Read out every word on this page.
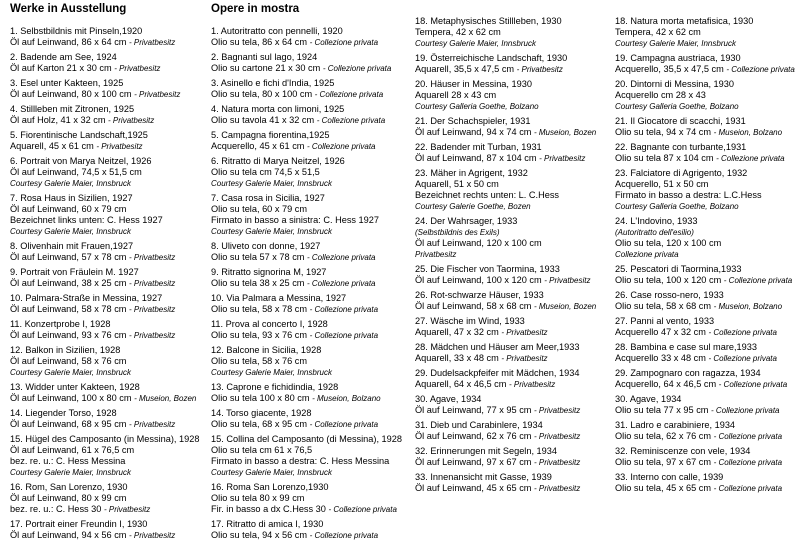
Werke in Ausstellung
1. Selbstbildnis mit Pinseln,1920
Öl auf Leinwand, 86 x 64 cm - Privatbesitz
2. Badende am See, 1924
Öl auf Karton 21 x 30 cm - Privatbesitz
3. Esel unter Kakteen, 1925
Öl auf Leinwand, 80 x 100 cm - Privatbesitz
4. Stillleben mit Zitronen, 1925
Öl auf Holz, 41 x 32 cm - Privatbesitz
5. Fiorentinische Landschaft,1925
Aquarell, 45 x 61 cm - Privatbesitz
6. Portrait von Marya Neitzel, 1926
Öl auf Leinwand, 74,5 x 51,5 cm
Courtesy Galerie Maier, Innsbruck
7. Rosa Haus in Sizilien, 1927
Öl auf Leinwand, 60 x 79 cm
Bezeichnet links unten: C. Hess 1927
Courtesy Galerie Maier, Innsbruck
8. Olivenhain mit Frauen,1927
Öl auf Leinwand, 57 x 78 cm - Privatbesitz
9. Portrait von Fräulein M. 1927
Öl auf Leinwand, 38 x 25 cm - Privatbesitz
10. Palmara-Straße in Messina, 1927
Öl auf Leinwand, 58 x 78 cm - Privatbesitz
11. Konzertprobe I, 1928
Öl auf Leinwand, 93 x 76 cm - Privatbesitz
12. Balkon in Sizilien, 1928
Öl auf Leinwand, 58 x 76 cm
Courtesy Galerie Maier, Innsbruck
13. Widder unter Kakteen, 1928
Öl auf Leinwand, 100 x 80 cm - Museion, Bozen
14. Liegender Torso, 1928
Öl auf Leinwand, 68 x 95 cm - Privatbesitz
15. Hügel des Camposanto (in Messina), 1928
Öl auf Leinwand, 61 x 76,5 cm
bez. re. u.: C. Hess Messina
Courtesy Galerie Maier, Innsbruck
16. Rom, San Lorenzo, 1930
Öl auf Leinwand, 80 x 99 cm
bez. re. u.: C. Hess 30 - Privatbesitz
17. Portrait einer Freundin I, 1930
Öl auf Leinwand, 94 x 56 cm - Privatbesitz
Opere in mostra
1. Autoritratto con pennelli, 1920
Olio su tela, 86 x 64 cm - Collezione privata
2. Bagnanti sul lago, 1924
Olio su cartone 21 x 30 cm - Collezione privata
3. Asinello e fichi d'India, 1925
Olio su tela, 80 x 100 cm - Collezione privata
4. Natura morta con limoni, 1925
Olio su tavola 41 x 32 cm - Collezione privata
5. Campagna fiorentina,1925
Acquerello, 45 x 61 cm - Collezione privata
6. Ritratto di Marya Neitzel, 1926
Olio su tela cm 74,5 x 51,5
Courtesy Galerie Maier, Innsbruck
7. Casa rosa in Sicilia, 1927
Olio su tela, 60 x 79 cm
Firmato in basso a sinistra: C. Hess 1927
Courtesy Galerie Maier, Innsbruck
8. Uliveto con donne, 1927
Olio su tela 57 x 78 cm - Collezione privata
9. Ritratto signorina M, 1927
Olio su tela 38 x 25 cm - Collezione privata
10. Via Palmara a Messina, 1927
Olio su tela, 58 x 78 cm - Collezione privata
11. Prova al concerto I, 1928
Olio su tela, 93 x 76 cm - Collezione privata
12. Balcone in Sicilia, 1928
Olio su tela, 58 x 76 cm
Courtesy Galerie Maier, Innsbruck
13. Caprone e fichidindia, 1928
Olio su tela 100 x 80 cm - Museion, Bolzano
14. Torso giacente, 1928
Olio su tela, 68 x 95 cm - Collezione privata
15. Collina del Camposanto (di Messina), 1928
Olio su tela cm 61 x 76,5
Firmato in basso a destra: C. Hess Messina
Courtesy Galerie Maier, Innsbruck
16. Roma San Lorenzo,1930
Olio su tela 80 x 99 cm
Fir. in basso a dx C.Hess 30 - Collezione privata
17. Ritratto di amica I, 1930
Olio su tela, 94 x 56 cm - Collezione privata
18. Metaphysisches Stillleben, 1930
Tempera, 42 x 62 cm
Courtesy Galerie Maier, Innsbruck
19. Österreichische Landschaft, 1930
Aquarell, 35,5 x 47,5 cm - Privatbesitz
20. Häuser in Messina, 1930
Aquarell 28 x 43 cm
Courtesy Galleria Goethe, Bolzano
21. Der Schachspieler, 1931
Öl auf Leinwand, 94 x 74 cm - Museion, Bozen
22. Badender mit Turban, 1931
Öl auf Leinwand, 87 x 104 cm - Privatbesitz
23. Mäher in Agrigent, 1932
Aquarell, 51 x 50 cm
Bezeichnet rechts unten: L. C.Hess
Courtesy Galerie Goethe, Bozen
24. Der Wahrsager, 1933
(Selbstbildnis des Exils)
Öl auf Leinwand, 120 x 100 cm
Privatbesitz
25. Die Fischer von Taormina, 1933
Öl auf Leinwand, 100 x 120 cm - Privatbesitz
26. Rot-schwarze Häuser, 1933
Öl auf Leinwand, 58 x 68 cm - Museion, Bozen
27. Wäsche im Wind, 1933
Aquarell, 47 x 32 cm - Privatbesitz
28. Mädchen und Häuser am Meer,1933
Aquarell, 33 x 48 cm - Privatbesitz
29. Dudelsackpfeifer mit Mädchen, 1934
Aquarell, 64 x 46,5 cm - Privatbesitz
30. Agave, 1934
Öl auf Leinwand, 77 x 95 cm - Privatbesitz
31. Dieb und Carabinlere, 1934
Öl auf Leinwand, 62 x 76 cm - Privatbesitz
32. Erinnerungen mit Segeln, 1934
Öl auf Leinwand, 97 x 67 cm - Privatbesitz
33. Innenansicht mit Gasse, 1939
Öl auf Leinwand, 45 x 65 cm - Privatbesitz
18. Natura morta metafisica, 1930
Tempera, 42 x 62 cm
Courtesy Galerie Maier, Innsbruck
19. Campagna austriaca, 1930
Acquerello, 35,5 x 47,5 cm - Collezione privata
20. Dintorni di Messina, 1930
Acquerello cm 28 x 43
Courtesy Galleria Goethe, Bolzano
21. Il Giocatore di scacchi, 1931
Olio su tela, 94 x 74 cm - Museion, Bolzano
22. Bagnante con turbante,1931
Olio su tela 87 x 104 cm - Collezione privata
23. Falciatore di Agrigento, 1932
Acquerello, 51 x 50 cm
Firmato in basso a destra: L.C.Hess
Courtesy Galleria Goethe, Bolzano
24. L'Indovino, 1933
(Autoritratto dell'esilio)
Olio su tela, 120 x 100 cm
Collezione privata
25. Pescatori di Taormina,1933
Olio su tela, 100 x 120 cm - Collezione privata
26. Case rosso-nero, 1933
Olio su tela, 58 x 68 cm - Museion, Bolzano
27. Panni al vento, 1933
Acquerello 47 x 32 cm - Collezione privata
28. Bambina e case sul mare,1933
Acquerello 33 x 48 cm - Collezione privata
29. Zampognaro con ragazza, 1934
Acquerello, 64 x 46,5 cm - Collezione privata
30. Agave, 1934
Olio su tela 77 x 95 cm - Collezione privata
31. Ladro e carabiniere, 1934
Olio su tela, 62 x 76 cm - Collezione privata
32. Reminiscenze con vele, 1934
Olio su tela, 97 x 67 cm - Collezione privata
33. Interno con calle, 1939
Olio su tela, 45 x 65 cm - Collezione privata
